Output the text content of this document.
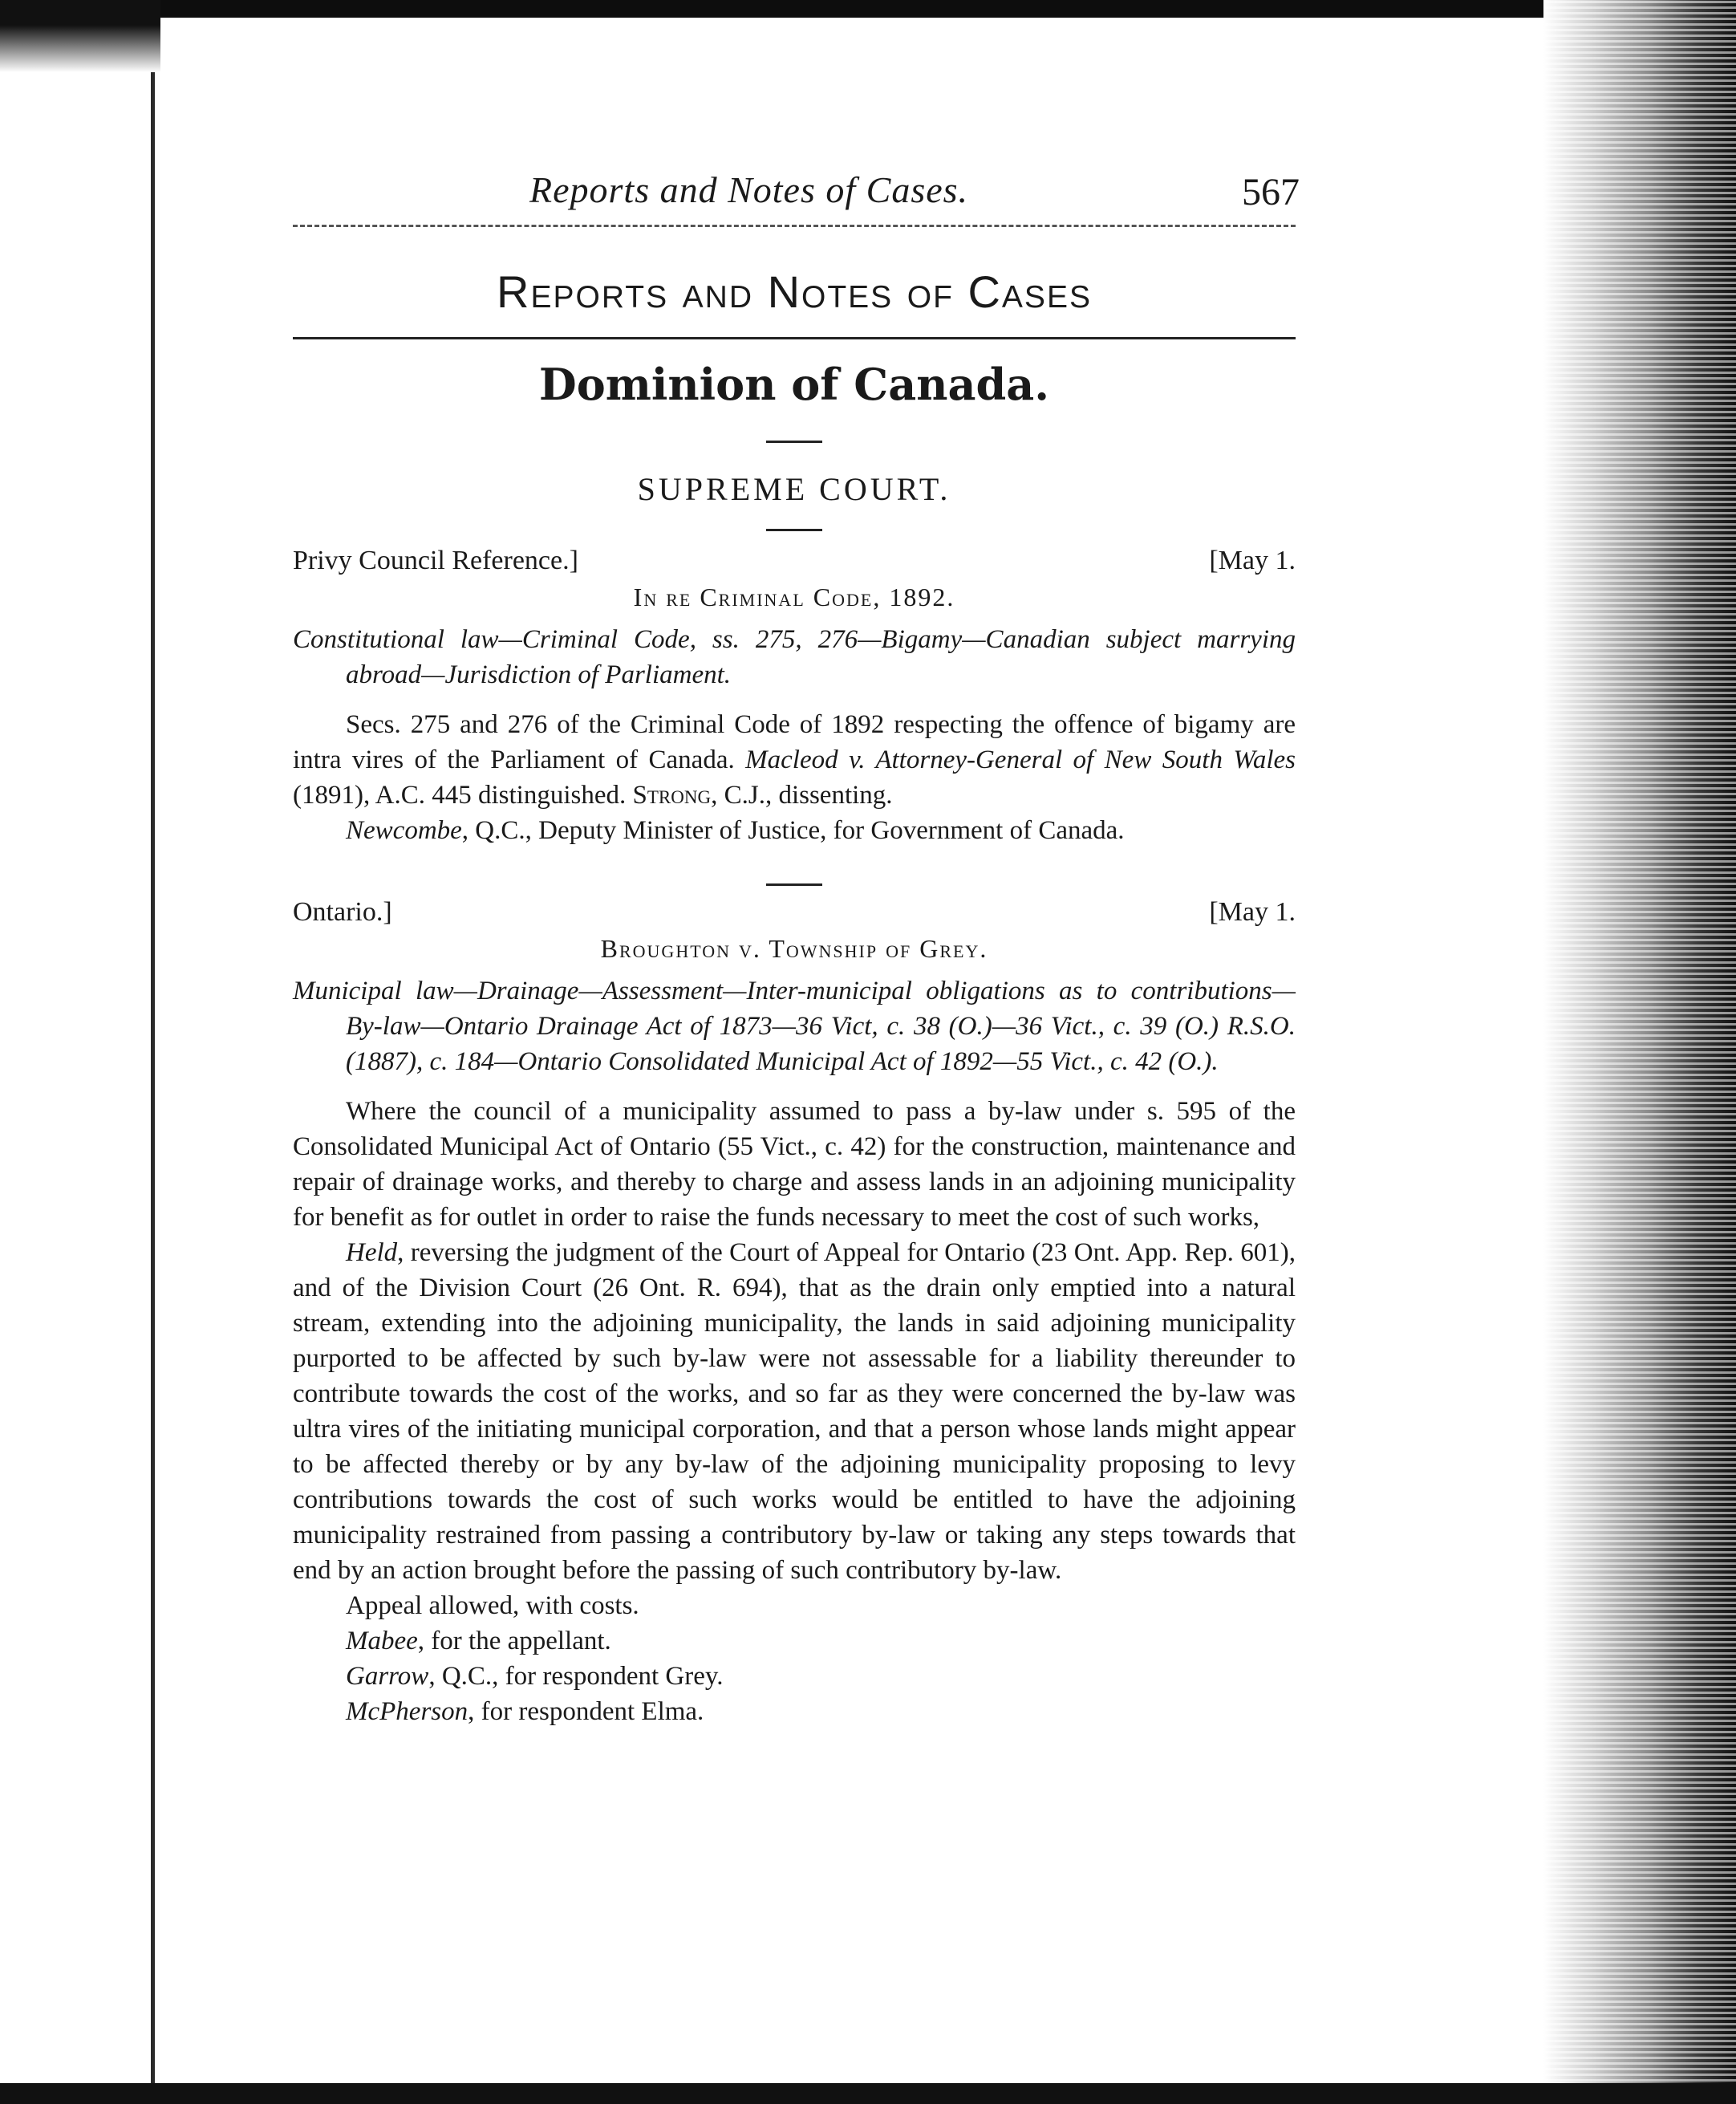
Reports and Notes of Cases.	567
Reports and Notes of Cases
Dominion of Canada.
SUPREME COURT.
Privy Council Reference.]	[May 1.
In re Criminal Code, 1892.

Constitutional law—Criminal Code, ss. 275, 276—Bigamy—Canadian subject marrying abroad—Jurisdiction of Parliament.

Secs. 275 and 276 of the Criminal Code of 1892 respecting the offence of bigamy are intra vires of the Parliament of Canada. Macleod v. Attorney-General of New South Wales (1891), A.C. 445 distinguished. Strong, C.J., dissenting.

Newcombe, Q.C., Deputy Minister of Justice, for Government of Canada.

Ontario.]	[May 1.
Broughton v. Township of Grey.

Municipal law—Drainage—Assessment—Inter-municipal obligations as to contributions—By-law—Ontario Drainage Act of 1873—36 Vict, c. 38 (O.)—36 Vict., c. 39 (O.) R.S.O. (1887), c. 184—Ontario Consolidated Municipal Act of 1892—55 Vict., c. 42 (O.).

Where the council of a municipality assumed to pass a by-law under s. 595 of the Consolidated Municipal Act of Ontario (55 Vict., c. 42) for the construction, maintenance and repair of drainage works, and thereby to charge and assess lands in an adjoining municipality for benefit as for outlet in order to raise the funds necessary to meet the cost of such works,

Held, reversing the judgment of the Court of Appeal for Ontario (23 Ont. App. Rep. 601), and of the Division Court (26 Ont. R. 694), that as the drain only emptied into a natural stream, extending into the adjoining municipality, the lands in said adjoining municipality purported to be affected by such by-law were not assessable for a liability thereunder to contribute towards the cost of the works, and so far as they were concerned the by-law was ultra vires of the initiating municipal corporation, and that a person whose lands might appear to be affected thereby or by any by-law of the adjoining municipality proposing to levy contributions towards the cost of such works would be entitled to have the adjoining municipality restrained from passing a contributory by-law or taking any steps towards that end by an action brought before the passing of such contributory by-law.

Appeal allowed, with costs.

Mabee, for the appellant.

Garrow, Q.C., for respondent Grey.

McPherson, for respondent Elma.
